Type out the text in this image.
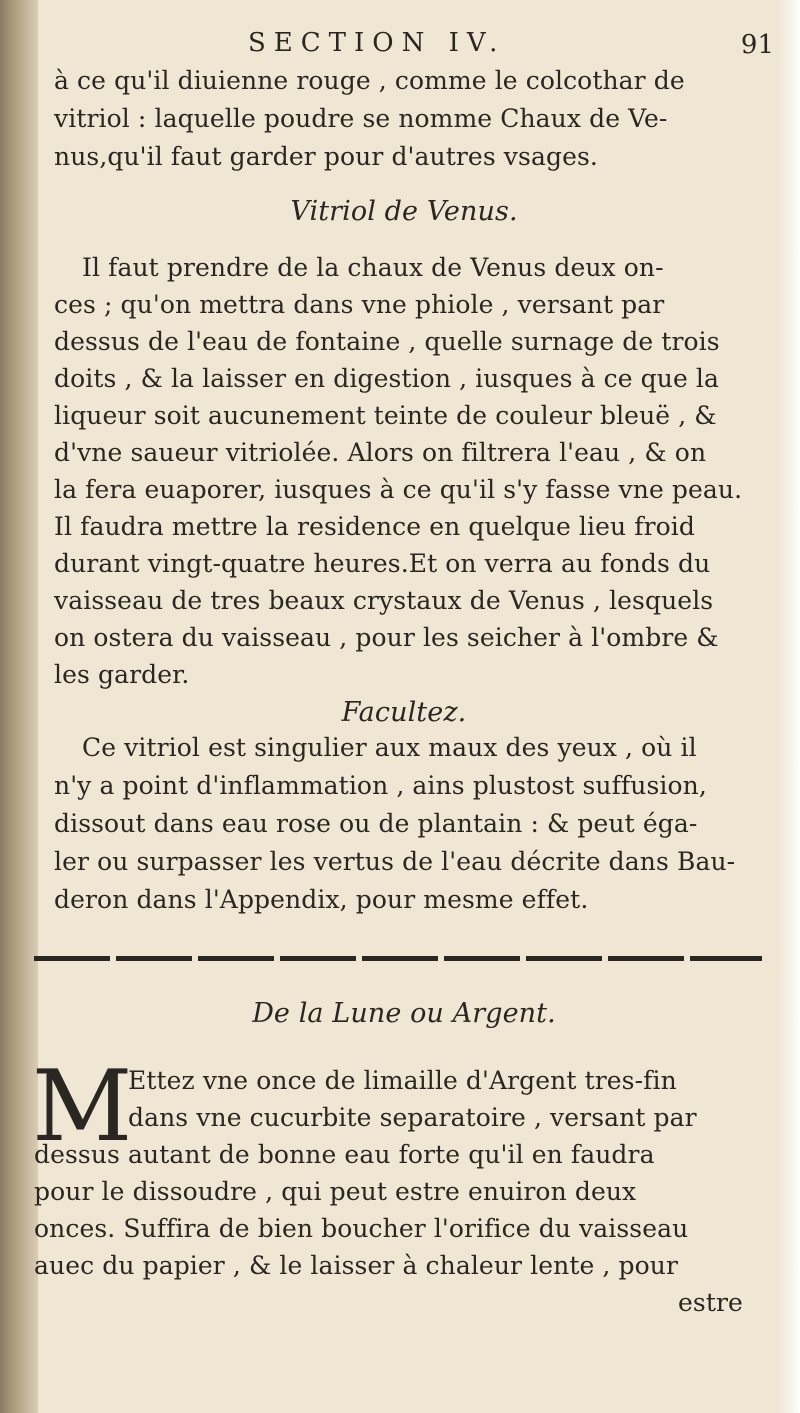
SECTION IV.	91
à ce qu'il diuienne rouge , comme le colcothar de
vitriol : laquelle poudre se nomme Chaux de Ve-
nus,qu'il faut garder pour d'autres vsages.
Vitriol de Venus.
Il faut prendre de la chaux de Venus deux on-
ces ; qu'on mettra dans vne phiole , versant par
dessus de l'eau de fontaine , quelle surnage de trois
doits , & la laisser en digestion , iusques à ce que la
liqueur soit aucunement teinte de couleur bleuë , &
d'vne saueur vitriolée. Alors on filtrera l'eau , & on
la fera euaporer, iusques à ce qu'il s'y fasse vne peau.
Il faudra mettre la residence en quelque lieu froid
durant vingt-quatre heures.Et on verra au fonds du
vaisseau de tres beaux crystaux de Venus , lesquels
on ostera du vaisseau , pour les seicher à l'ombre &
les garder.
Facultez.
Ce vitriol est singulier aux maux des yeux , où il
n'y a point d'inflammation , ains plustost suffusion,
dissout dans eau rose ou de plantain : & peut éga-
ler ou surpasser les vertus de l'eau décrite dans Bau-
deron dans l'Appendix, pour mesme effet.
De la Lune ou Argent.
M
Ettez vne once de limaille d'Argent tres-fin
dans vne cucurbite separatoire , versant par
dessus autant de bonne eau forte qu'il en faudra
pour le dissoudre , qui peut estre enuiron deux
onces. Suffira de bien boucher l'orifice du vaisseau
auec du papier , & le laisser à chaleur lente , pour
estre
